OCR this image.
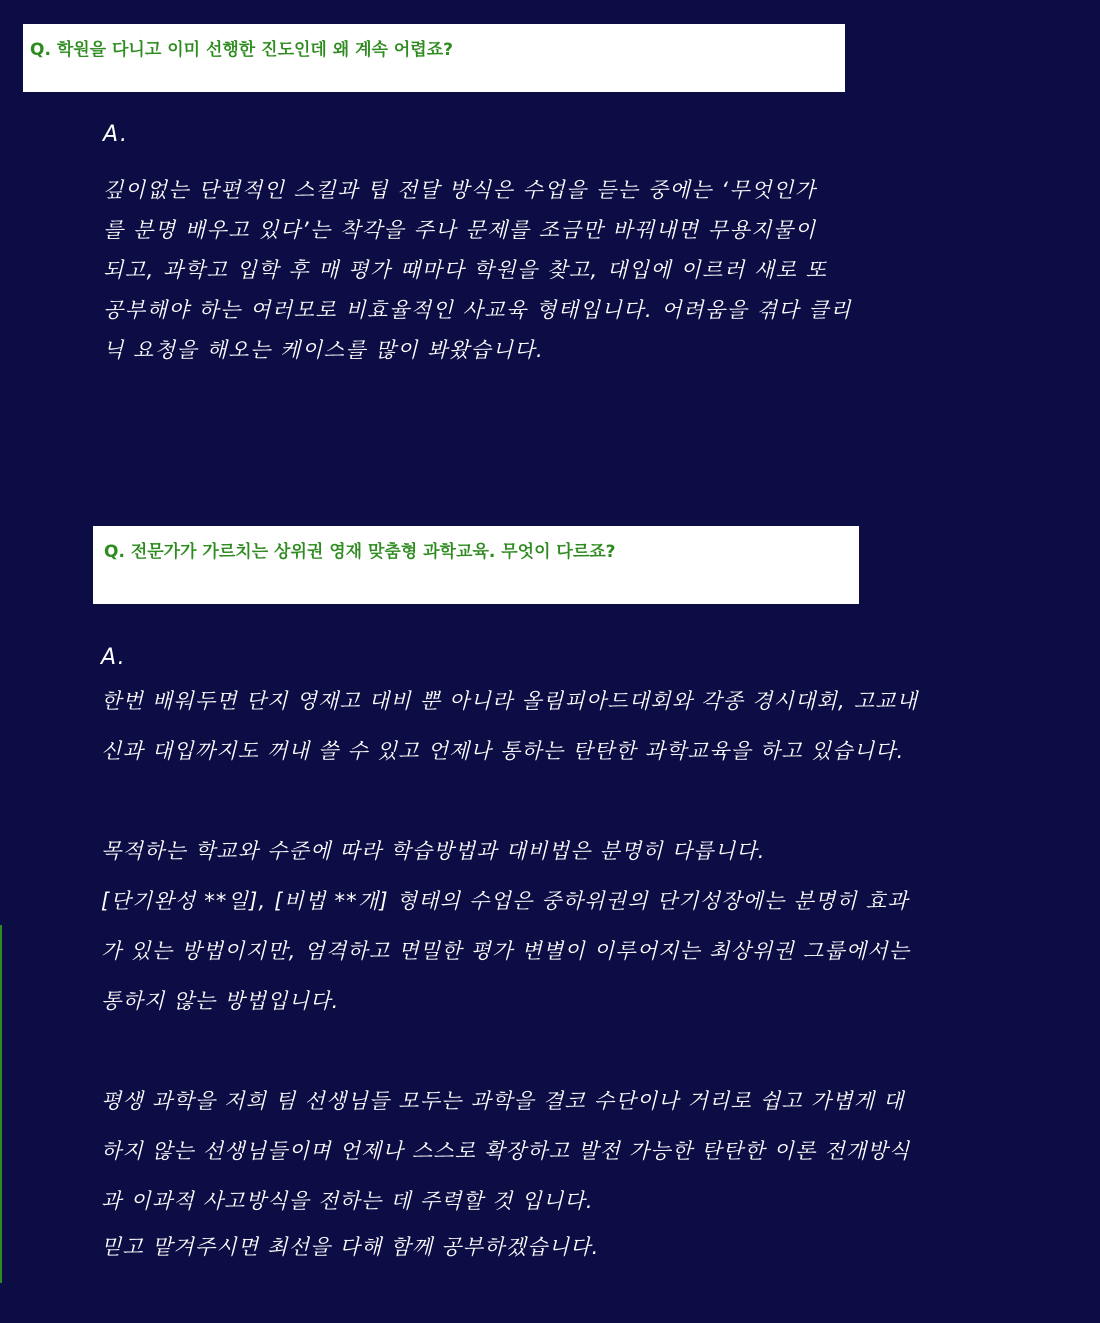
Q. 학원을 다니고 이미 선행한 진도인데 왜 계속 어렵죠?
A.
깊이없는 단편적인 스킬과 팁 전달 방식은 수업을 듣는 중에는 ‘무엇인가
를 분명 배우고 있다’는 착각을 주나 문제를 조금만 바꿔내면 무용지물이
되고, 과학고 입학 후 매 평가 때마다 학원을 찾고, 대입에 이르러 새로 또
공부해야 하는 여러모로 비효율적인 사교육 형태입니다. 어려움을 겪다 클리
닉 요청을 해오는 케이스를 많이 봐왔습니다.
Q. 전문가가 가르치는 상위권 영재 맞춤형 과학교육. 무엇이 다르죠?
A.
한번 배워두면 단지 영재고 대비 뿐 아니라 올림피아드대회와 각종 경시대회, 고교내
신과 대입까지도 꺼내 쓸 수 있고 언제나 통하는 탄탄한 과학교육을 하고 있습니다.
목적하는 학교와 수준에 따라 학습방법과 대비법은 분명히 다릅니다.
[단기완성 **일], [비법 **개] 형태의 수업은 중하위권의 단기성장에는 분명히 효과
가 있는 방법이지만, 엄격하고 면밀한 평가 변별이 이루어지는 최상위권 그룹에서는
통하지 않는 방법입니다.
평생 과학을 저희 팀 선생님들 모두는 과학을 결코 수단이나 거리로 쉽고 가볍게 대
하지 않는 선생님들이며 언제나 스스로 확장하고 발전 가능한 탄탄한 이론 전개방식
과 이과적 사고방식을 전하는 데 주력할 것 입니다.
믿고 맡겨주시면 최선을 다해 함께 공부하겠습니다.
